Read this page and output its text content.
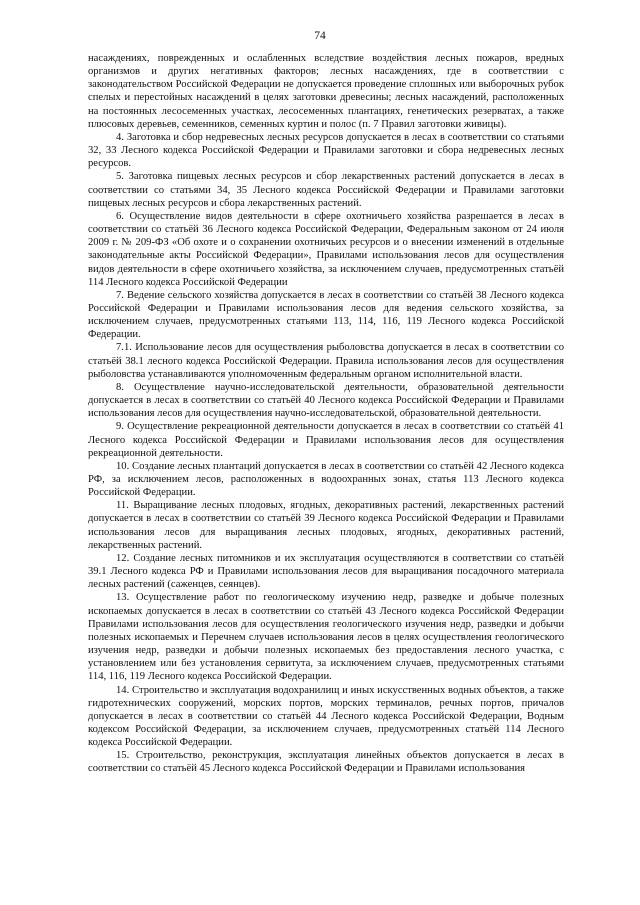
74

насаждениях, поврежденных и ослабленных вследствие воздействия лесных пожаров, вредных организмов и других негативных факторов; лесных насаждениях, где в соответствии с законодательством Российской Федерации не допускается проведение сплошных или выборочных рубок спелых и перестойных насаждений в целях заготовки древесины; лесных насаждений, расположенных на постоянных лесосеменных участках, лесосеменных плантациях, генетических резерватах, а также плюсовых деревьев, семенников, семенных куртин и полос (п. 7 Правил заготовки живицы).

4. Заготовка и сбор недревесных лесных ресурсов допускается в лесах в соответствии со статьями 32, 33 Лесного кодекса Российской Федерации и Правилами заготовки и сбора недревесных лесных ресурсов.

5. Заготовка пищевых лесных ресурсов и сбор лекарственных растений допускается в лесах в соответствии со статьями 34, 35 Лесного кодекса Российской Федерации и Правилами заготовки пищевых лесных ресурсов и сбора лекарственных растений.

6. Осуществление видов деятельности в сфере охотничьего хозяйства разрешается в лесах в соответствии со статьёй 36 Лесного кодекса Российской Федерации, Федеральным законом от 24 июля 2009 г. № 209-ФЗ «Об охоте и о сохранении охотничьих ресурсов и о внесении изменений в отдельные законодательные акты Российской Федерации», Правилами использования лесов для осуществления видов деятельности в сфере охотничьего хозяйства, за исключением случаев, предусмотренных статьёй 114 Лесного кодекса Российской Федерации

7. Ведение сельского хозяйства допускается в лесах в соответствии со статьёй 38 Лесного кодекса Российской Федерации и Правилами использования лесов для ведения сельского хозяйства, за исключением случаев, предусмотренных статьями 113, 114, 116, 119 Лесного кодекса Российской Федерации.

7.1. Использование лесов для осуществления рыболовства допускается в лесах в соответствии со статьёй 38.1 лесного кодекса Российской Федерации. Правила использования лесов для осуществления рыболовства устанавливаются уполномоченным федеральным органом исполнительной власти.

8. Осуществление научно-исследовательской деятельности, образовательной деятельности допускается в лесах в соответствии со статьёй 40 Лесного кодекса Российской Федерации и Правилами использования лесов для осуществления научно-исследовательской, образовательной деятельности.

9. Осуществление рекреационной деятельности допускается в лесах в соответствии со статьёй 41 Лесного кодекса Российской Федерации и Правилами использования лесов для осуществления рекреационной деятельности.

10. Создание лесных плантаций допускается в лесах в соответствии со статьёй 42 Лесного кодекса РФ, за исключением лесов, расположенных в водоохранных зонах, статья 113 Лесного кодекса Российской Федерации.

11. Выращивание лесных плодовых, ягодных, декоративных растений, лекарственных растений допускается в лесах в соответствии со статьёй 39 Лесного кодекса Российской Федерации и Правилами использования лесов для выращивания лесных плодовых, ягодных, декоративных растений, лекарственных растений.

12. Создание лесных питомников и их эксплуатация осуществляются в соответствии со статьёй 39.1 Лесного кодекса РФ и Правилами использования лесов для выращивания посадочного материала лесных растений (саженцев, сеянцев).

13. Осуществление работ по геологическому изучению недр, разведке и добыче полезных ископаемых допускается в лесах в соответствии со статьёй 43 Лесного кодекса Российской Федерации Правилами использования лесов для осуществления геологического изучения недр, разведки и добычи полезных ископаемых и Перечнем случаев использования лесов в целях осуществления геологического изучения недр, разведки и добычи полезных ископаемых без предоставления лесного участка, с установлением или без установления сервитута, за исключением случаев, предусмотренных статьями 114, 116, 119 Лесного кодекса Российской Федерации.

14. Строительство и эксплуатация водохранилищ и иных искусственных водных объектов, а также гидротехнических сооружений, морских портов, морских терминалов, речных портов, причалов допускается в лесах в соответствии со статьёй 44 Лесного кодекса Российской Федерации, Водным кодексом Российской Федерации, за исключением случаев, предусмотренных статьёй 114 Лесного кодекса Российской Федерации.

15. Строительство, реконструкция, эксплуатация линейных объектов допускается в лесах в соответствии со статьёй 45 Лесного кодекса Российской Федерации и Правилами использования
